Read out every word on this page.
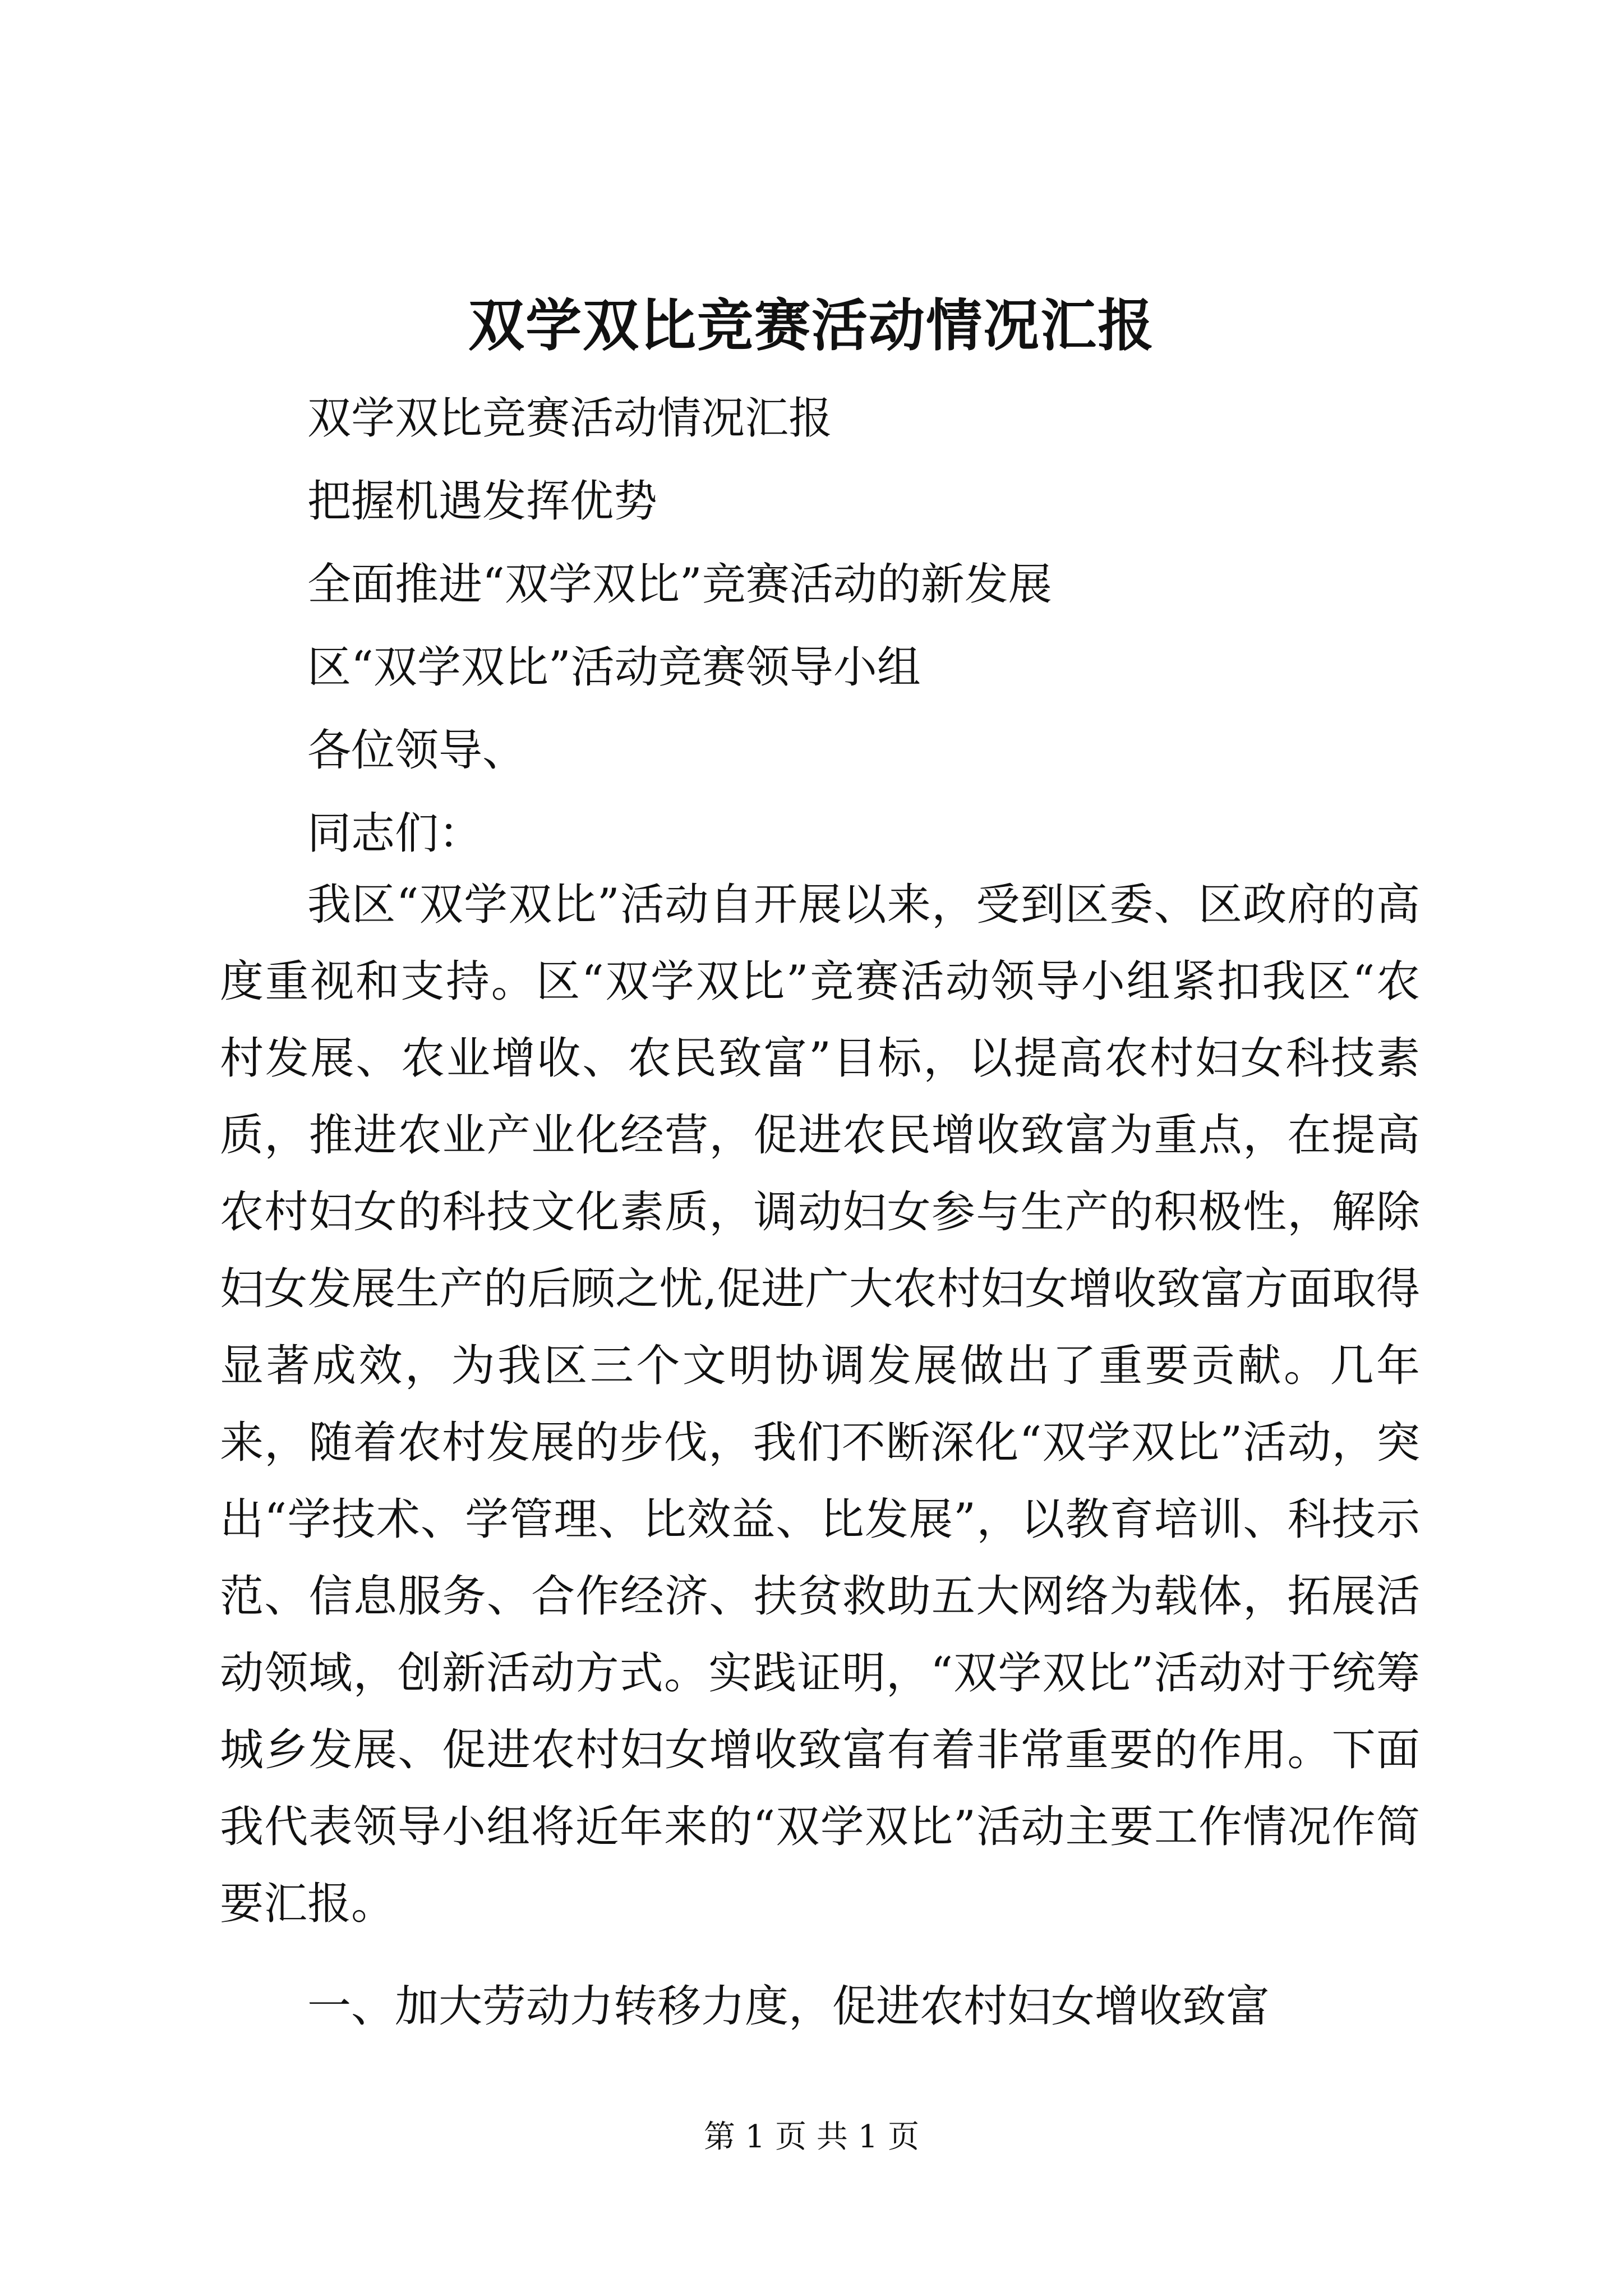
双学双比竞赛活动情况汇报
双学双比竞赛活动情况汇报
把握机遇发挥优势
全面推进“双学双比”竞赛活动的新发展
区“双学双比”活动竞赛领导小组
各位领导、
同志们：

我区“双学双比”活动自开展以来，受到区委、区政府的高度重视和支持。区“双学双比”竞赛活动领导小组紧扣我区“农村发展、农业增收、农民致富”目标，以提高农村妇女科技素质，推进农业产业化经营，促进农民增收致富为重点，在提高农村妇女的科技文化素质，调动妇女参与生产的积极性，解除妇女发展生产的后顾之忧,促进广大农村妇女增收致富方面取得显著成效，为我区三个文明协调发展做出了重要贡献。几年来，随着农村发展的步伐，我们不断深化“双学双比”活动，突出“学技术、学管理、比效益、比发展”，以教育培训、科技示范、信息服务、合作经济、扶贫救助五大网络为载体，拓展活动领域，创新活动方式。实践证明，“双学双比”活动对于统筹城乡发展、促进农村妇女增收致富有着非常重要的作用。下面我代表领导小组将近年来的“双学双比”活动主要工作情况作简要汇报。

一、加大劳动力转移力度，促进农村妇女增收致富

第 1 页 共 1 页
